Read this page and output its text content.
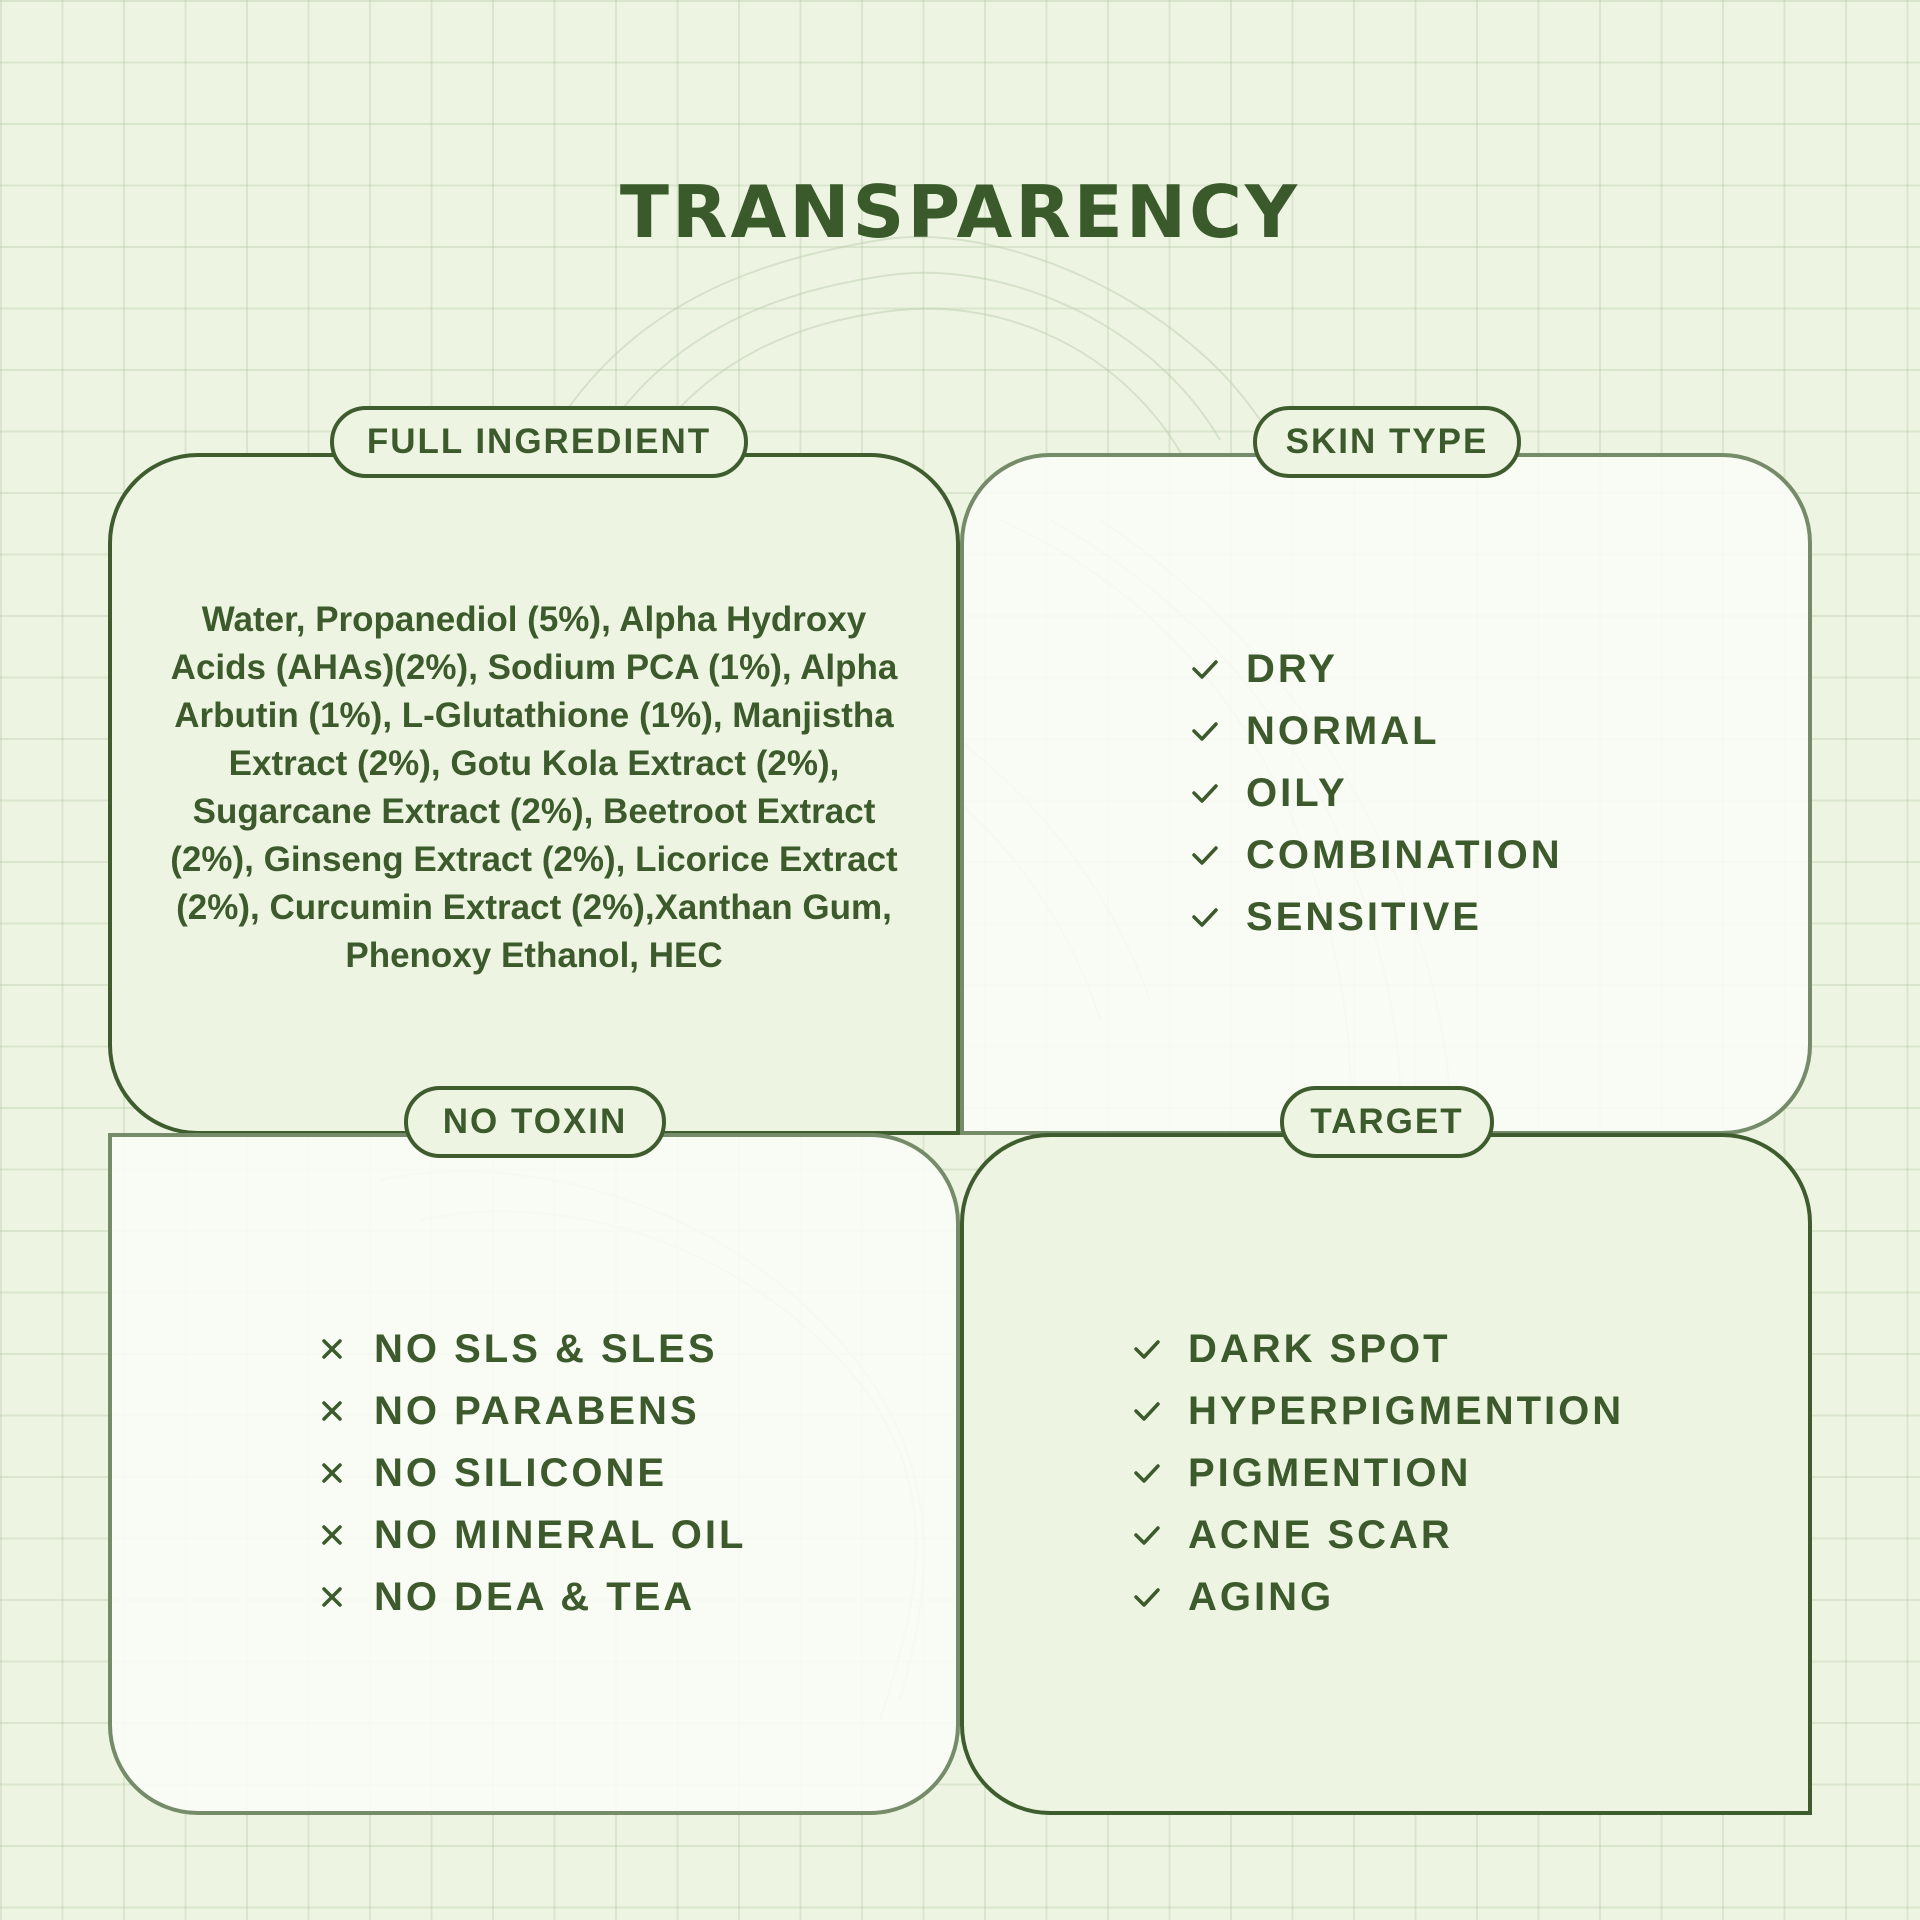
TRANSPARENCY
FULL INGREDIENT

Water, Propanediol (5%), Alpha Hydroxy Acids (AHAs)(2%), Sodium PCA (1%), Alpha Arbutin (1%), L-Glutathione (1%), Manjistha Extract (2%), Gotu Kola Extract (2%), Sugarcane Extract (2%), Beetroot Extract (2%), Ginseng Extract (2%), Licorice Extract (2%), Curcumin Extract (2%),Xanthan Gum, Phenoxy Ethanol, HEC

SKIN TYPE
DRY
NORMAL
OILY
COMBINATION
SENSITIVE
NO TOXIN
NO SLS & SLES
NO PARABENS
NO SILICONE
NO MINERAL OIL
NO DEA & TEA
TARGET
DARK SPOT
HYPERPIGMENTION
PIGMENTION
ACNE SCAR
AGING
